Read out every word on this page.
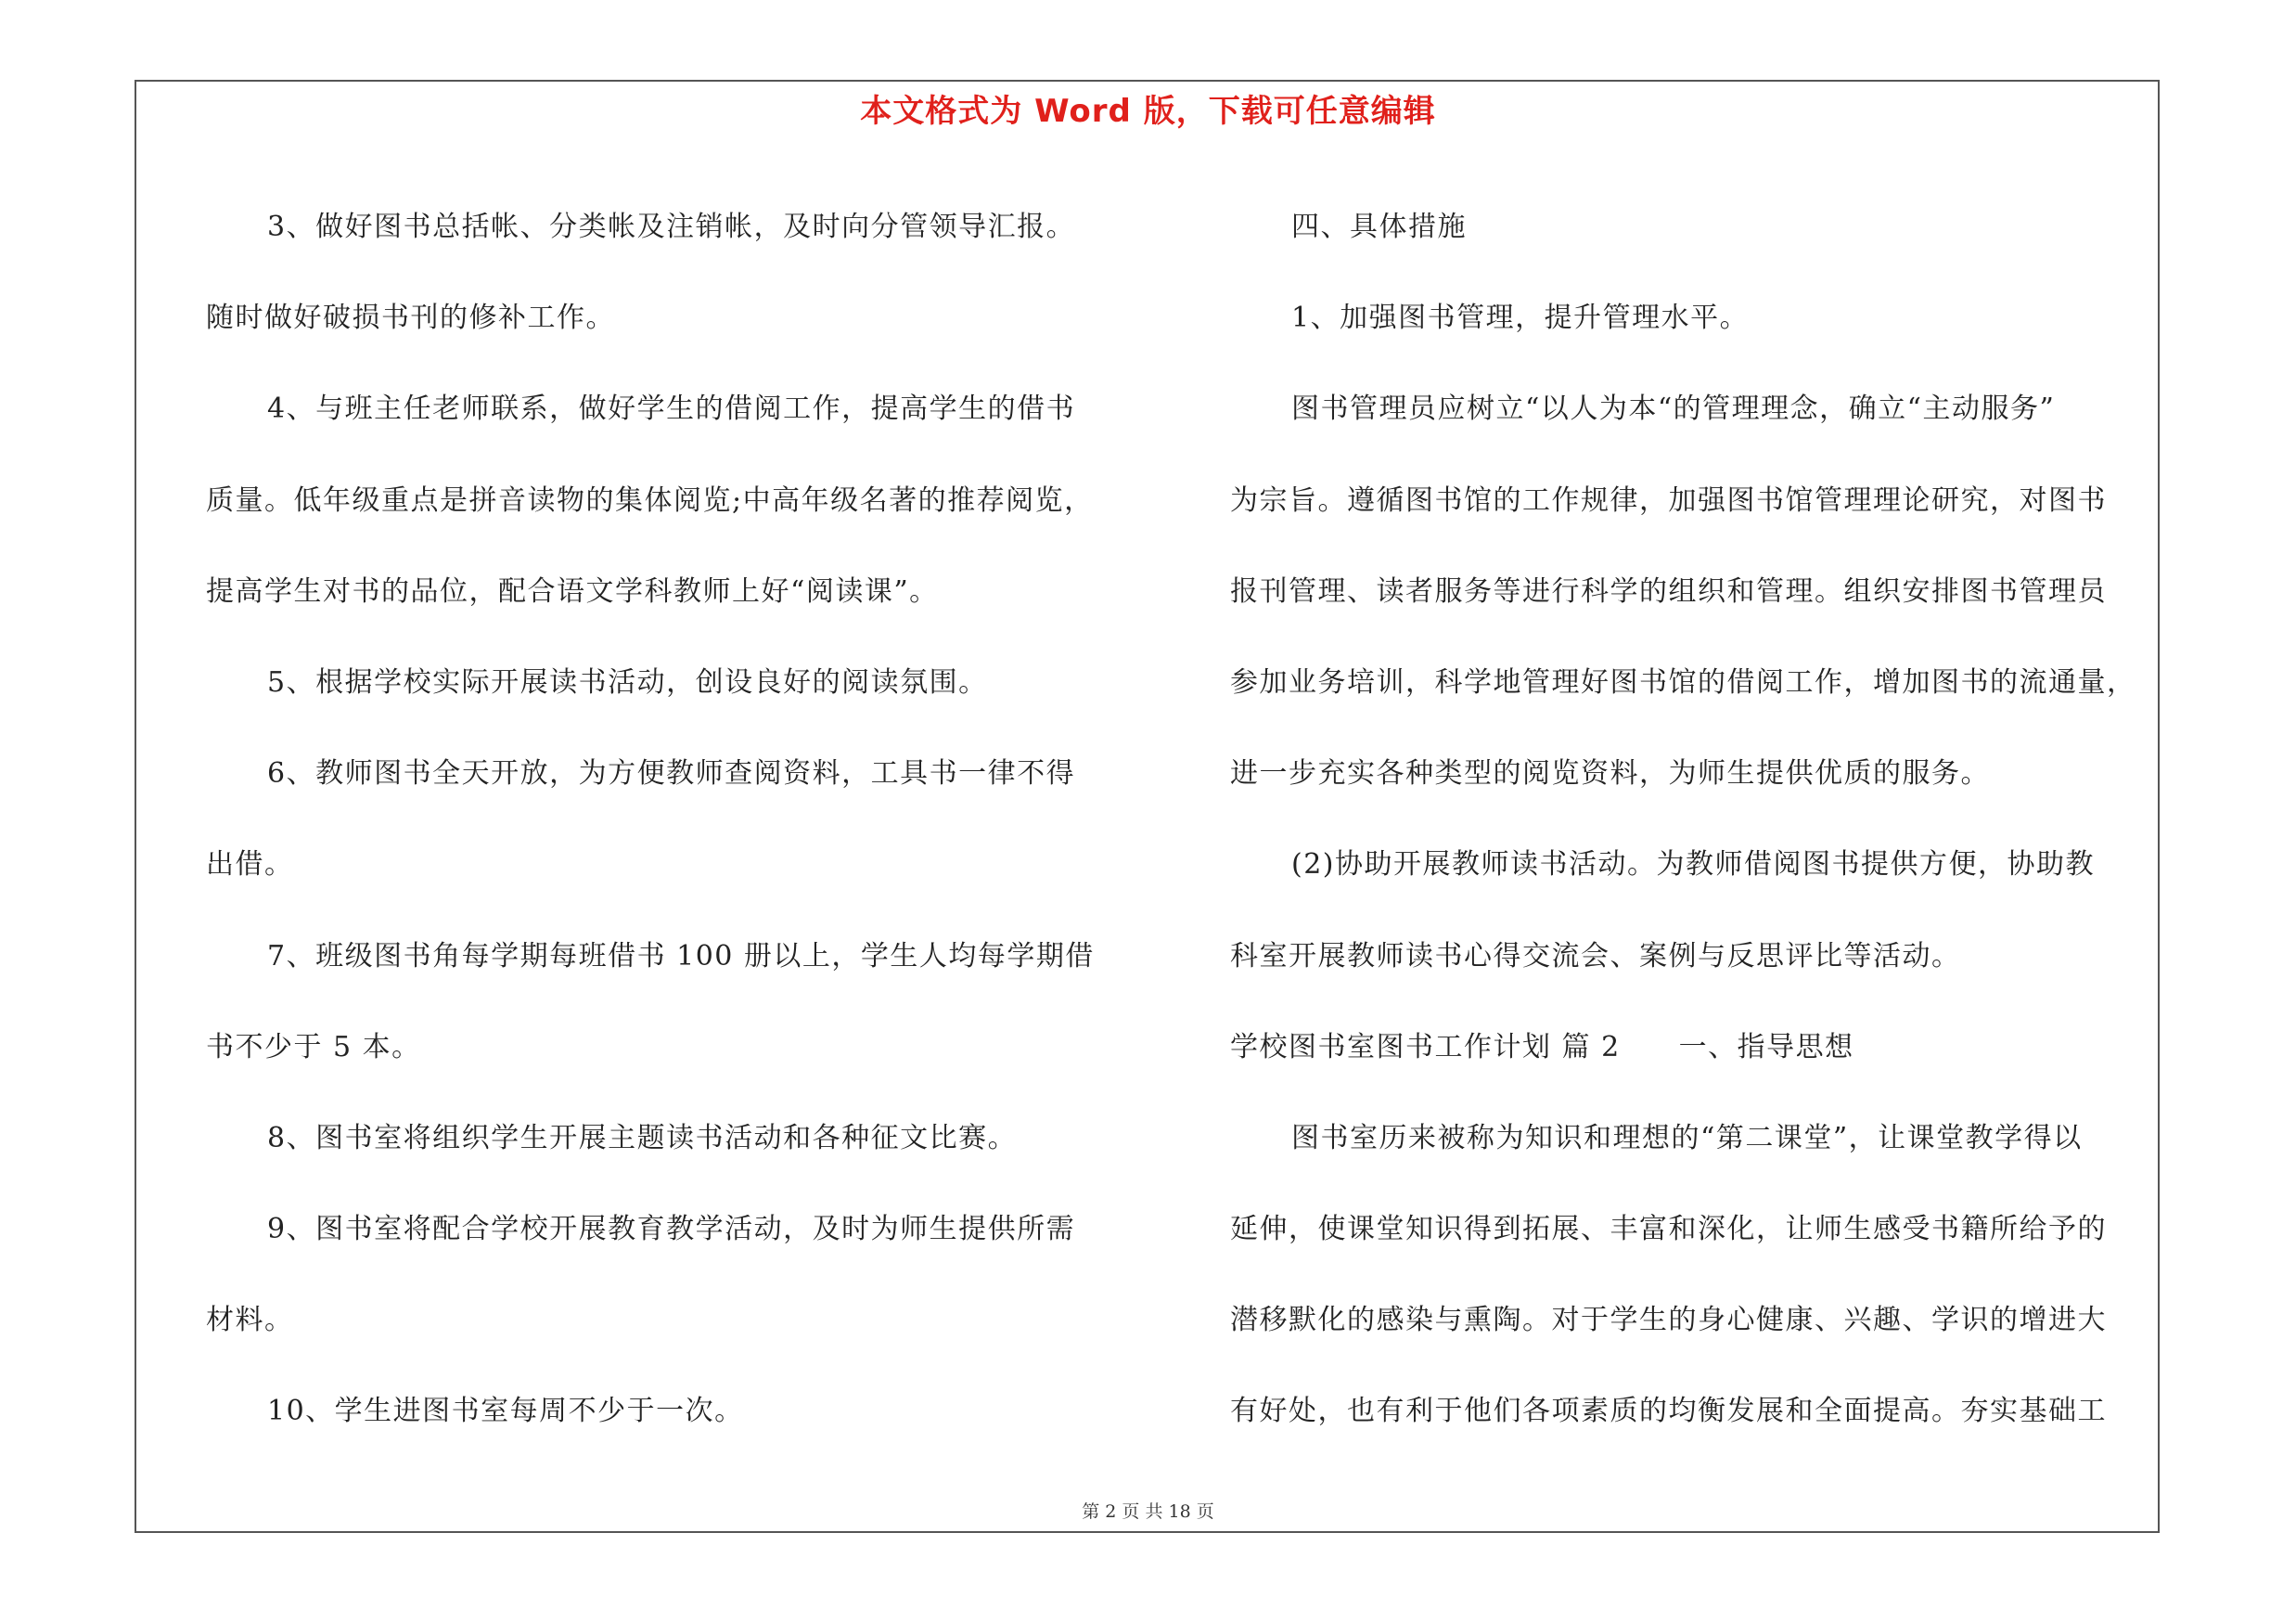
本文格式为 Word 版，下载可任意编辑
3、做好图书总括帐、分类帐及注销帐，及时向分管领导汇报。
随时做好破损书刊的修补工作。
4、与班主任老师联系，做好学生的借阅工作，提高学生的借书
质量。低年级重点是拼音读物的集体阅览;中高年级名著的推荐阅览，
提高学生对书的品位，配合语文学科教师上好“阅读课”。
5、根据学校实际开展读书活动，创设良好的阅读氛围。
6、教师图书全天开放，为方便教师查阅资料，工具书一律不得
出借。
7、班级图书角每学期每班借书 100 册以上，学生人均每学期借
书不少于 5 本。
8、图书室将组织学生开展主题读书活动和各种征文比赛。
9、图书室将配合学校开展教育教学活动，及时为师生提供所需
材料。
10、学生进图书室每周不少于一次。
四、具体措施
1、加强图书管理，提升管理水平。
图书管理员应树立“以人为本“的管理理念，确立“主动服务”
为宗旨。遵循图书馆的工作规律，加强图书馆管理理论研究，对图书
报刊管理、读者服务等进行科学的组织和管理。组织安排图书管理员
参加业务培训，科学地管理好图书馆的借阅工作，增加图书的流通量，
进一步充实各种类型的阅览资料，为师生提供优质的服务。
(2)协助开展教师读书活动。为教师借阅图书提供方便，协助教
科室开展教师读书心得交流会、案例与反思评比等活动。
学校图书室图书工作计划 篇 2　　一、指导思想
图书室历来被称为知识和理想的“第二课堂”，让课堂教学得以
延伸，使课堂知识得到拓展、丰富和深化，让师生感受书籍所给予的
潜移默化的感染与熏陶。对于学生的身心健康、兴趣、学识的增进大
有好处，也有利于他们各项素质的均衡发展和全面提高。夯实基础工
第 2 页 共 18 页
